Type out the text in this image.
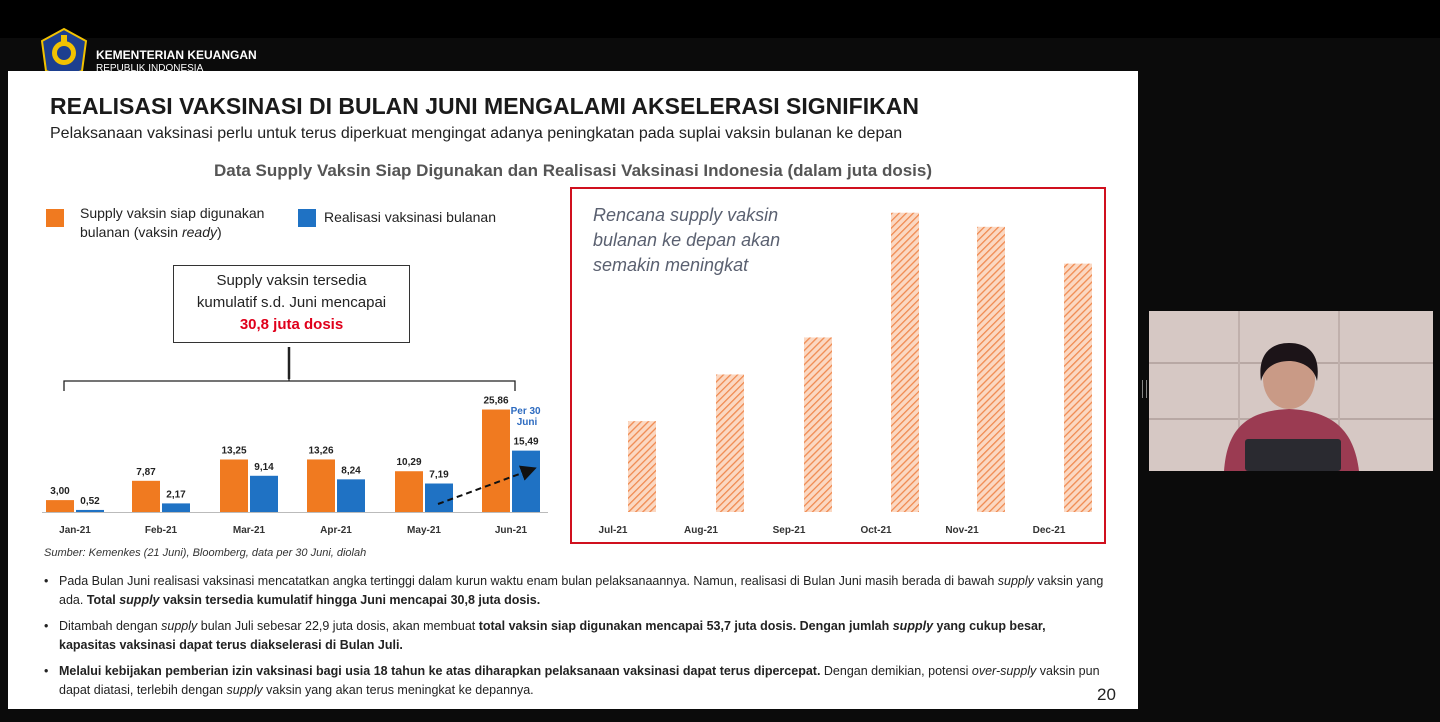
KEMENTERIAN KEUANGAN
REPUBLIK INDONESIA
REALISASI VAKSINASI DI BULAN JUNI MENGALAMI AKSELERASI SIGNIFIKAN
Pelaksanaan vaksinasi perlu untuk terus diperkuat mengingat adanya peningkatan pada suplai vaksin bulanan ke depan
Data Supply Vaksin Siap Digunakan dan Realisasi Vaksinasi Indonesia (dalam juta dosis)
Supply vaksin siap digunakan
bulanan (vaksin ready)
Realisasi vaksinasi bulanan
Supply vaksin tersedia
kumulatif s.d. Juni mencapai
30,8 juta dosis
Rencana supply vaksin
bulanan ke depan akan
semakin meningkat
3,00
0,52
Jan-21
7,87
2,17
Feb-21
13,25
9,14
Mar-21
13,26
8,24
Apr-21
10,29
7,19
May-21
25,86
15,49
Jun-21	Jul-21	Aug-21	Sep-21	Oct-21	Nov-21	Dec-21
Per 30 Juni
Sumber: Kemenkes (21 Juni), Bloomberg, data per 30 Juni, diolah
• Pada Bulan Juni realisasi vaksinasi mencatatkan angka tertinggi dalam kurun waktu enam bulan pelaksanaannya. Namun, realisasi di Bulan Juni masih berada di bawah supply vaksin yang ada. Total supply vaksin tersedia kumulatif hingga Juni mencapai 30,8 juta dosis.
• Ditambah dengan supply bulan Juli sebesar 22,9 juta dosis, akan membuat total vaksin siap digunakan mencapai 53,7 juta dosis. Dengan jumlah supply yang cukup besar, kapasitas vaksinasi dapat terus diakselerasi di Bulan Juli.
• Melalui kebijakan pemberian izin vaksinasi bagi usia 18 tahun ke atas diharapkan pelaksanaan vaksinasi dapat terus dipercepat. Dengan demikian, potensi over-supply vaksin pun dapat diatasi, terlebih dengan supply vaksin yang akan terus meningkat ke depannya.	20
